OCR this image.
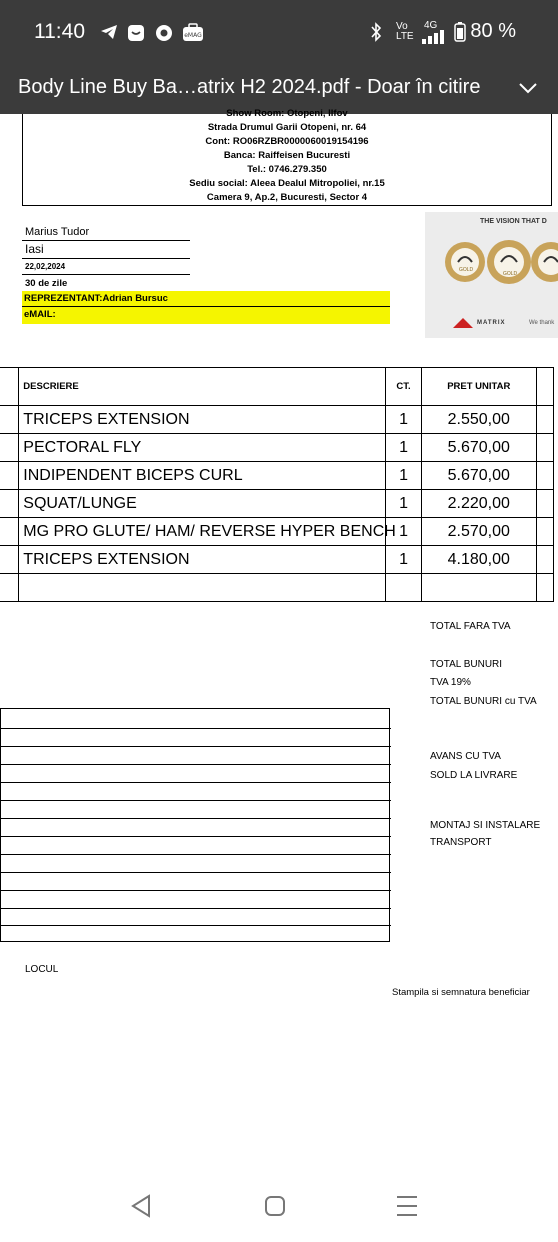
11:40	eMAG
Vo LTE
4G 80 %
Body Line Buy Ba…atrix H2 2024.pdf - Doar în citire
Show Room: Otopeni, Ilfov
Strada Drumul Garii Otopeni, nr. 64
Cont: RO06RZBR0000060019154196
Banca: Raiffeisen Bucuresti
Tel.: 0746.279.350
Sediu social: Aleea Dealul Mitropoliei, nr.15
Camera 9, Ap.2, Bucuresti, Sector 4
Marius Tudor
Iasi
22,02,2024
30 de zile
REPREZENTANT:Adrian Bursuc
eMAIL:
THE VISION THAT D
GOLD
GOLD
MATRIX	We thank
	DESCRIERE	CT.	PRET UNITAR	
	TRICEPS EXTENSION	1	2.550,00	
	PECTORAL FLY	1	5.670,00	
	INDIPENDENT BICEPS CURL	1	5.670,00	
	SQUAT/LUNGE	1	2.220,00	
	MG PRO GLUTE/ HAM/ REVERSE HYPER BENCH	1	2.570,00	
	TRICEPS EXTENSION	1	4.180,00	

TOTAL FARA TVA
TOTAL BUNURI
TVA 19%
TOTAL BUNURI cu TVA
AVANS CU TVA
SOLD LA LIVRARE
MONTAJ SI INSTALARE
TRANSPORT
LOCUL
Stampila si semnatura beneficiar
